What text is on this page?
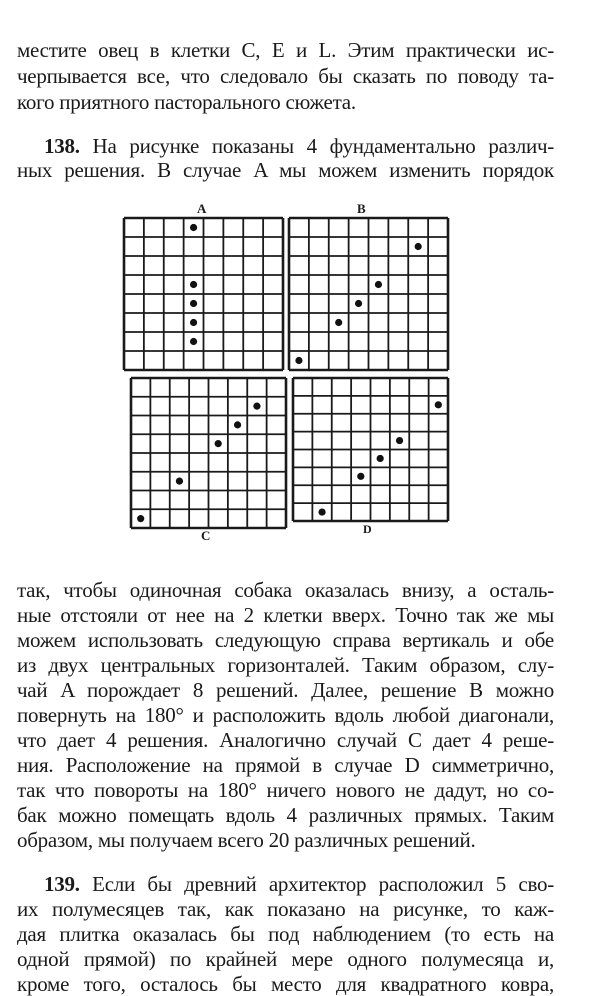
местите овец в клетки C, E и L. Этим практически ис-
черпывается все, что следовало бы сказать по поводу та-
кого приятного пасторального сюжета.
138. На рисунке показаны 4 фундаментально различ-
ных решения. В случае A мы можем изменить порядок
A	B
C	D
так, чтобы одиночная собака оказалась внизу, а осталь-
ные отстояли от нее на 2 клетки вверх. Точно так же мы
можем использовать следующую справа вертикаль и обе
из двух центральных горизонталей. Таким образом, слу-
чай A порождает 8 решений. Далее, решение B можно
повернуть на 180° и расположить вдоль любой диагонали,
что дает 4 решения. Аналогично случай C дает 4 реше-
ния. Расположение на прямой в случае D симметрично,
так что повороты на 180° ничего нового не дадут, но со-
бак можно помещать вдоль 4 различных прямых. Таким
образом, мы получаем всего 20 различных решений.
139. Если бы древний архитектор расположил 5 сво-
их полумесяцев так, как показано на рисунке, то каж-
дая плитка оказалась бы под наблюдением (то есть на
одной прямой) по крайней мере одного полумесяца и,
кроме того, осталось бы место для квадратного ковра,
